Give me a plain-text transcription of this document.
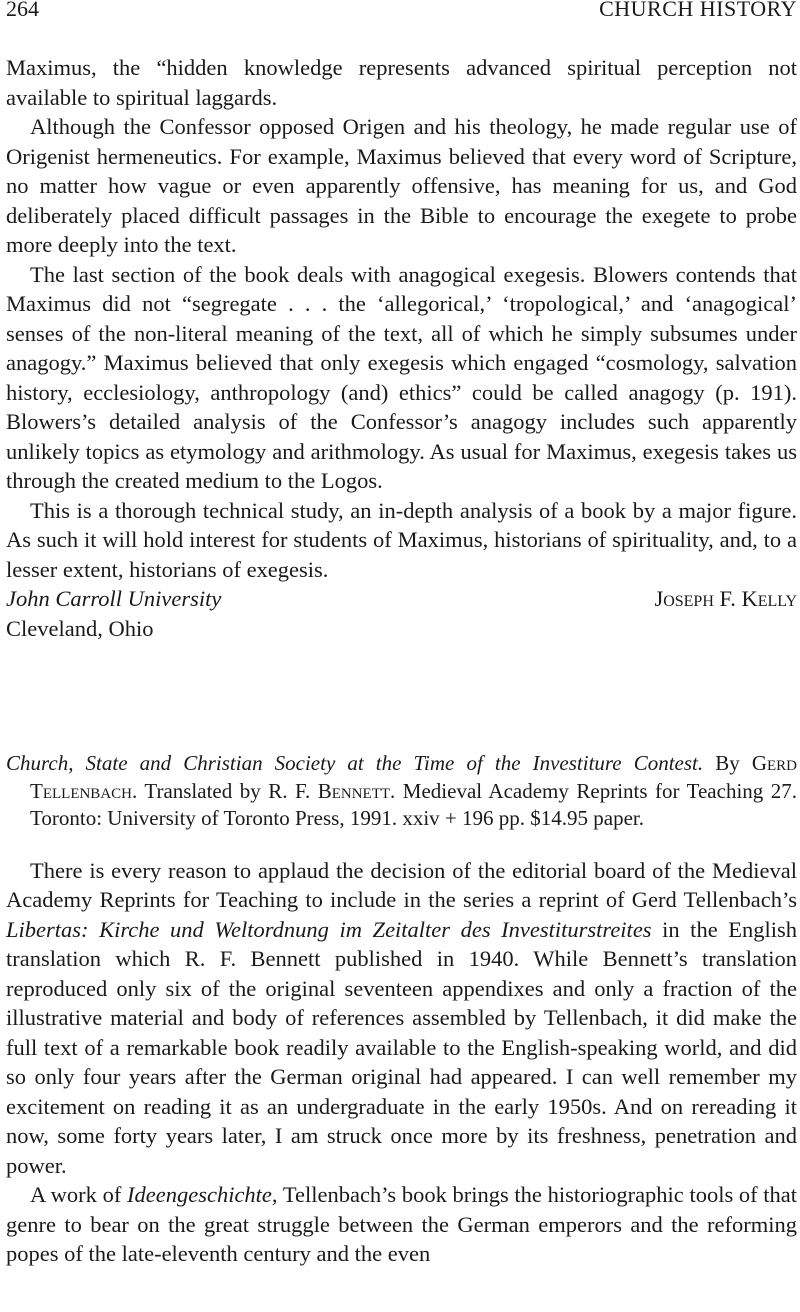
264	CHURCH HISTORY

Maximus, the “hidden knowledge represents advanced spiritual perception not available to spiritual laggards.

Although the Confessor opposed Origen and his theology, he made regular use of Origenist hermeneutics. For example, Maximus believed that every word of Scripture, no matter how vague or even apparently offensive, has meaning for us, and God deliberately placed difficult passages in the Bible to encourage the exegete to probe more deeply into the text.

The last section of the book deals with anagogical exegesis. Blowers contends that Maximus did not “segregate . . . the ‘allegorical,’ ‘tropological,’ and ‘anagogical’ senses of the non-literal meaning of the text, all of which he simply subsumes under anagogy.” Maximus believed that only exegesis which engaged “cosmology, salvation history, ecclesiology, anthropology (and) ethics” could be called anagogy (p. 191). Blowers’s detailed analysis of the Confessor’s anagogy includes such apparently unlikely topics as etymology and arithmology. As usual for Maximus, exegesis takes us through the created medium to the Logos.

This is a thorough technical study, an in-depth analysis of a book by a major figure. As such it will hold interest for students of Maximus, historians of spirituality, and, to a lesser extent, historians of exegesis.

John Carroll University	Joseph F. Kelly
Cleveland, Ohio
Church, State and Christian Society at the Time of the Investiture Contest. By Gerd Tellenbach. Translated by R. F. Bennett. Medieval Academy Reprints for Teaching 27. Toronto: University of Toronto Press, 1991. xxiv + 196 pp. $14.95 paper.

There is every reason to applaud the decision of the editorial board of the Medieval Academy Reprints for Teaching to include in the series a reprint of Gerd Tellenbach’s Libertas: Kirche und Weltordnung im Zeitalter des Investiturstreites in the English translation which R. F. Bennett published in 1940. While Bennett’s translation reproduced only six of the original seventeen appendixes and only a fraction of the illustrative material and body of references assembled by Tellenbach, it did make the full text of a remarkable book readily available to the English-speaking world, and did so only four years after the German original had appeared. I can well remember my excitement on reading it as an undergraduate in the early 1950s. And on rereading it now, some forty years later, I am struck once more by its freshness, penetration and power.

A work of Ideengeschichte, Tellenbach’s book brings the historiographic tools of that genre to bear on the great struggle between the German emperors and the reforming popes of the late-eleventh century and the even
